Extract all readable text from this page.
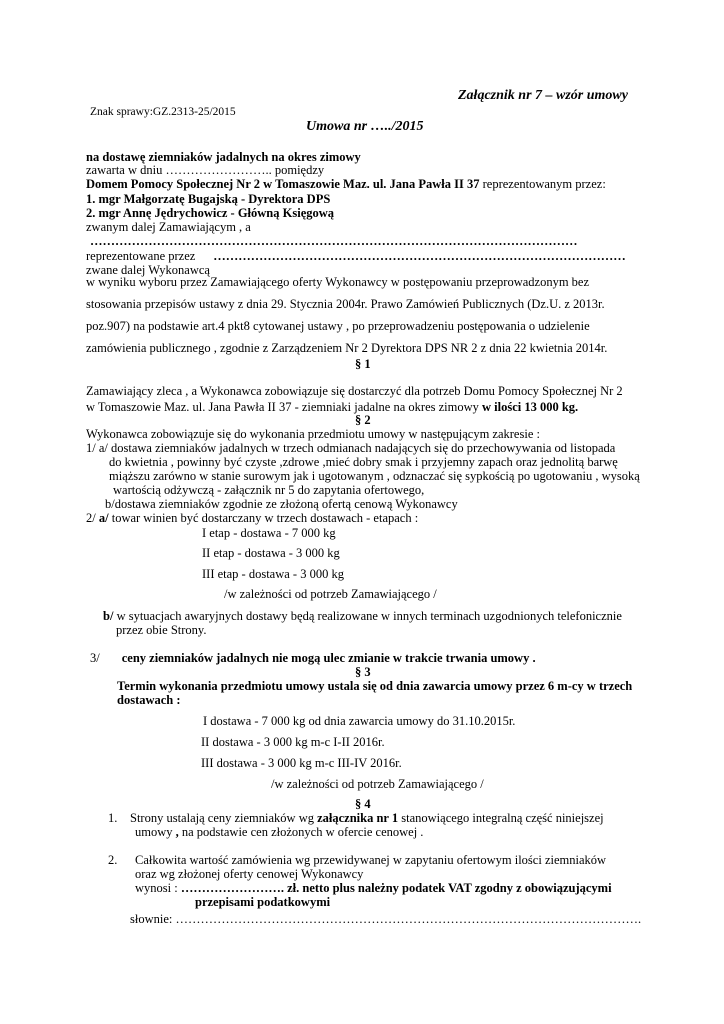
Załącznik nr 7 – wzór umowy
Znak sprawy:GZ.2313-25/2015
Umowa nr …../2015
na dostawę ziemniaków jadalnych na okres zimowy
zawarta w dniu …………………….. pomiędzy
Domem Pomocy Społecznej Nr 2 w Tomaszowie Maz. ul. Jana Pawła II 37 reprezentowanym przez:
1. mgr Małgorzatę Bugajską - Dyrektora DPS
2. mgr Annę Jędrychowicz - Główną Księgową
zwanym dalej Zamawiającym , a
………………………………………………………………………………………………………
reprezentowane przez ………………………………………………………………………………………
zwane dalej Wykonawcą
w wyniku wyboru przez Zamawiającego oferty Wykonawcy w postępowaniu przeprowadzonym bez
stosowania przepisów ustawy z dnia 29. Stycznia 2004r. Prawo Zamówień Publicznych (Dz.U. z 2013r.
poz.907) na podstawie art.4 pkt8 cytowanej ustawy , po przeprowadzeniu postępowania o udzielenie
zamówienia publicznego , zgodnie z Zarządzeniem Nr 2 Dyrektora DPS NR 2 z dnia 22 kwietnia 2014r.
§ 1
Zamawiający zleca , a Wykonawca zobowiązuje się dostarczyć dla potrzeb Domu Pomocy Społecznej Nr 2
w Tomaszowie Maz. ul. Jana Pawła II 37 - ziemniaki jadalne na okres zimowy w ilości 13 000 kg.
§ 2
Wykonawca zobowiązuje się do wykonania przedmiotu umowy w następującym zakresie :
1/ a/ dostawa ziemniaków jadalnych w trzech odmianach nadających się do przechowywania od listopada
do kwietnia , powinny być czyste ,zdrowe ,mieć dobry smak i przyjemny zapach oraz jednolitą barwę
miąższu zarówno w stanie surowym jak i ugotowanym , odznaczać się sypkością po ugotowaniu , wysoką
wartością odżywczą - załącznik nr 5 do zapytania ofertowego,
b/dostawa ziemniaków zgodnie ze złożoną ofertą cenową Wykonawcy
2/ a/ towar winien być dostarczany w trzech dostawach - etapach :
I etap - dostawa - 7 000 kg
II etap - dostawa - 3 000 kg
III etap - dostawa - 3 000 kg
/w zależności od potrzeb Zamawiającego /
b/ w sytuacjach awaryjnych dostawy będą realizowane w innych terminach uzgodnionych telefonicznie
przez obie Strony.
3/ ceny ziemniaków jadalnych nie mogą ulec zmianie w trakcie trwania umowy .
§ 3
Termin wykonania przedmiotu umowy ustala się od dnia zawarcia umowy przez 6 m-cy w trzech
dostawach :
I dostawa - 7 000 kg od dnia zawarcia umowy do 31.10.2015r.
II dostawa - 3 000 kg m-c I-II 2016r.
III dostawa - 3 000 kg m-c III-IV 2016r.
/w zależności od potrzeb Zamawiającego /
§ 4
1. Strony ustalają ceny ziemniaków wg załącznika nr 1 stanowiącego integralną część niniejszej
umowy , na podstawie cen złożonych w ofercie cenowej .
2. Całkowita wartość zamówienia wg przewidywanej w zapytaniu ofertowym ilości ziemniaków
oraz wg złożonej oferty cenowej Wykonawcy
wynosi : ……………………. zł. netto plus należny podatek VAT zgodny z obowiązującymi
przepisami podatkowymi
słownie: ………………………………………………………………………………………………….
